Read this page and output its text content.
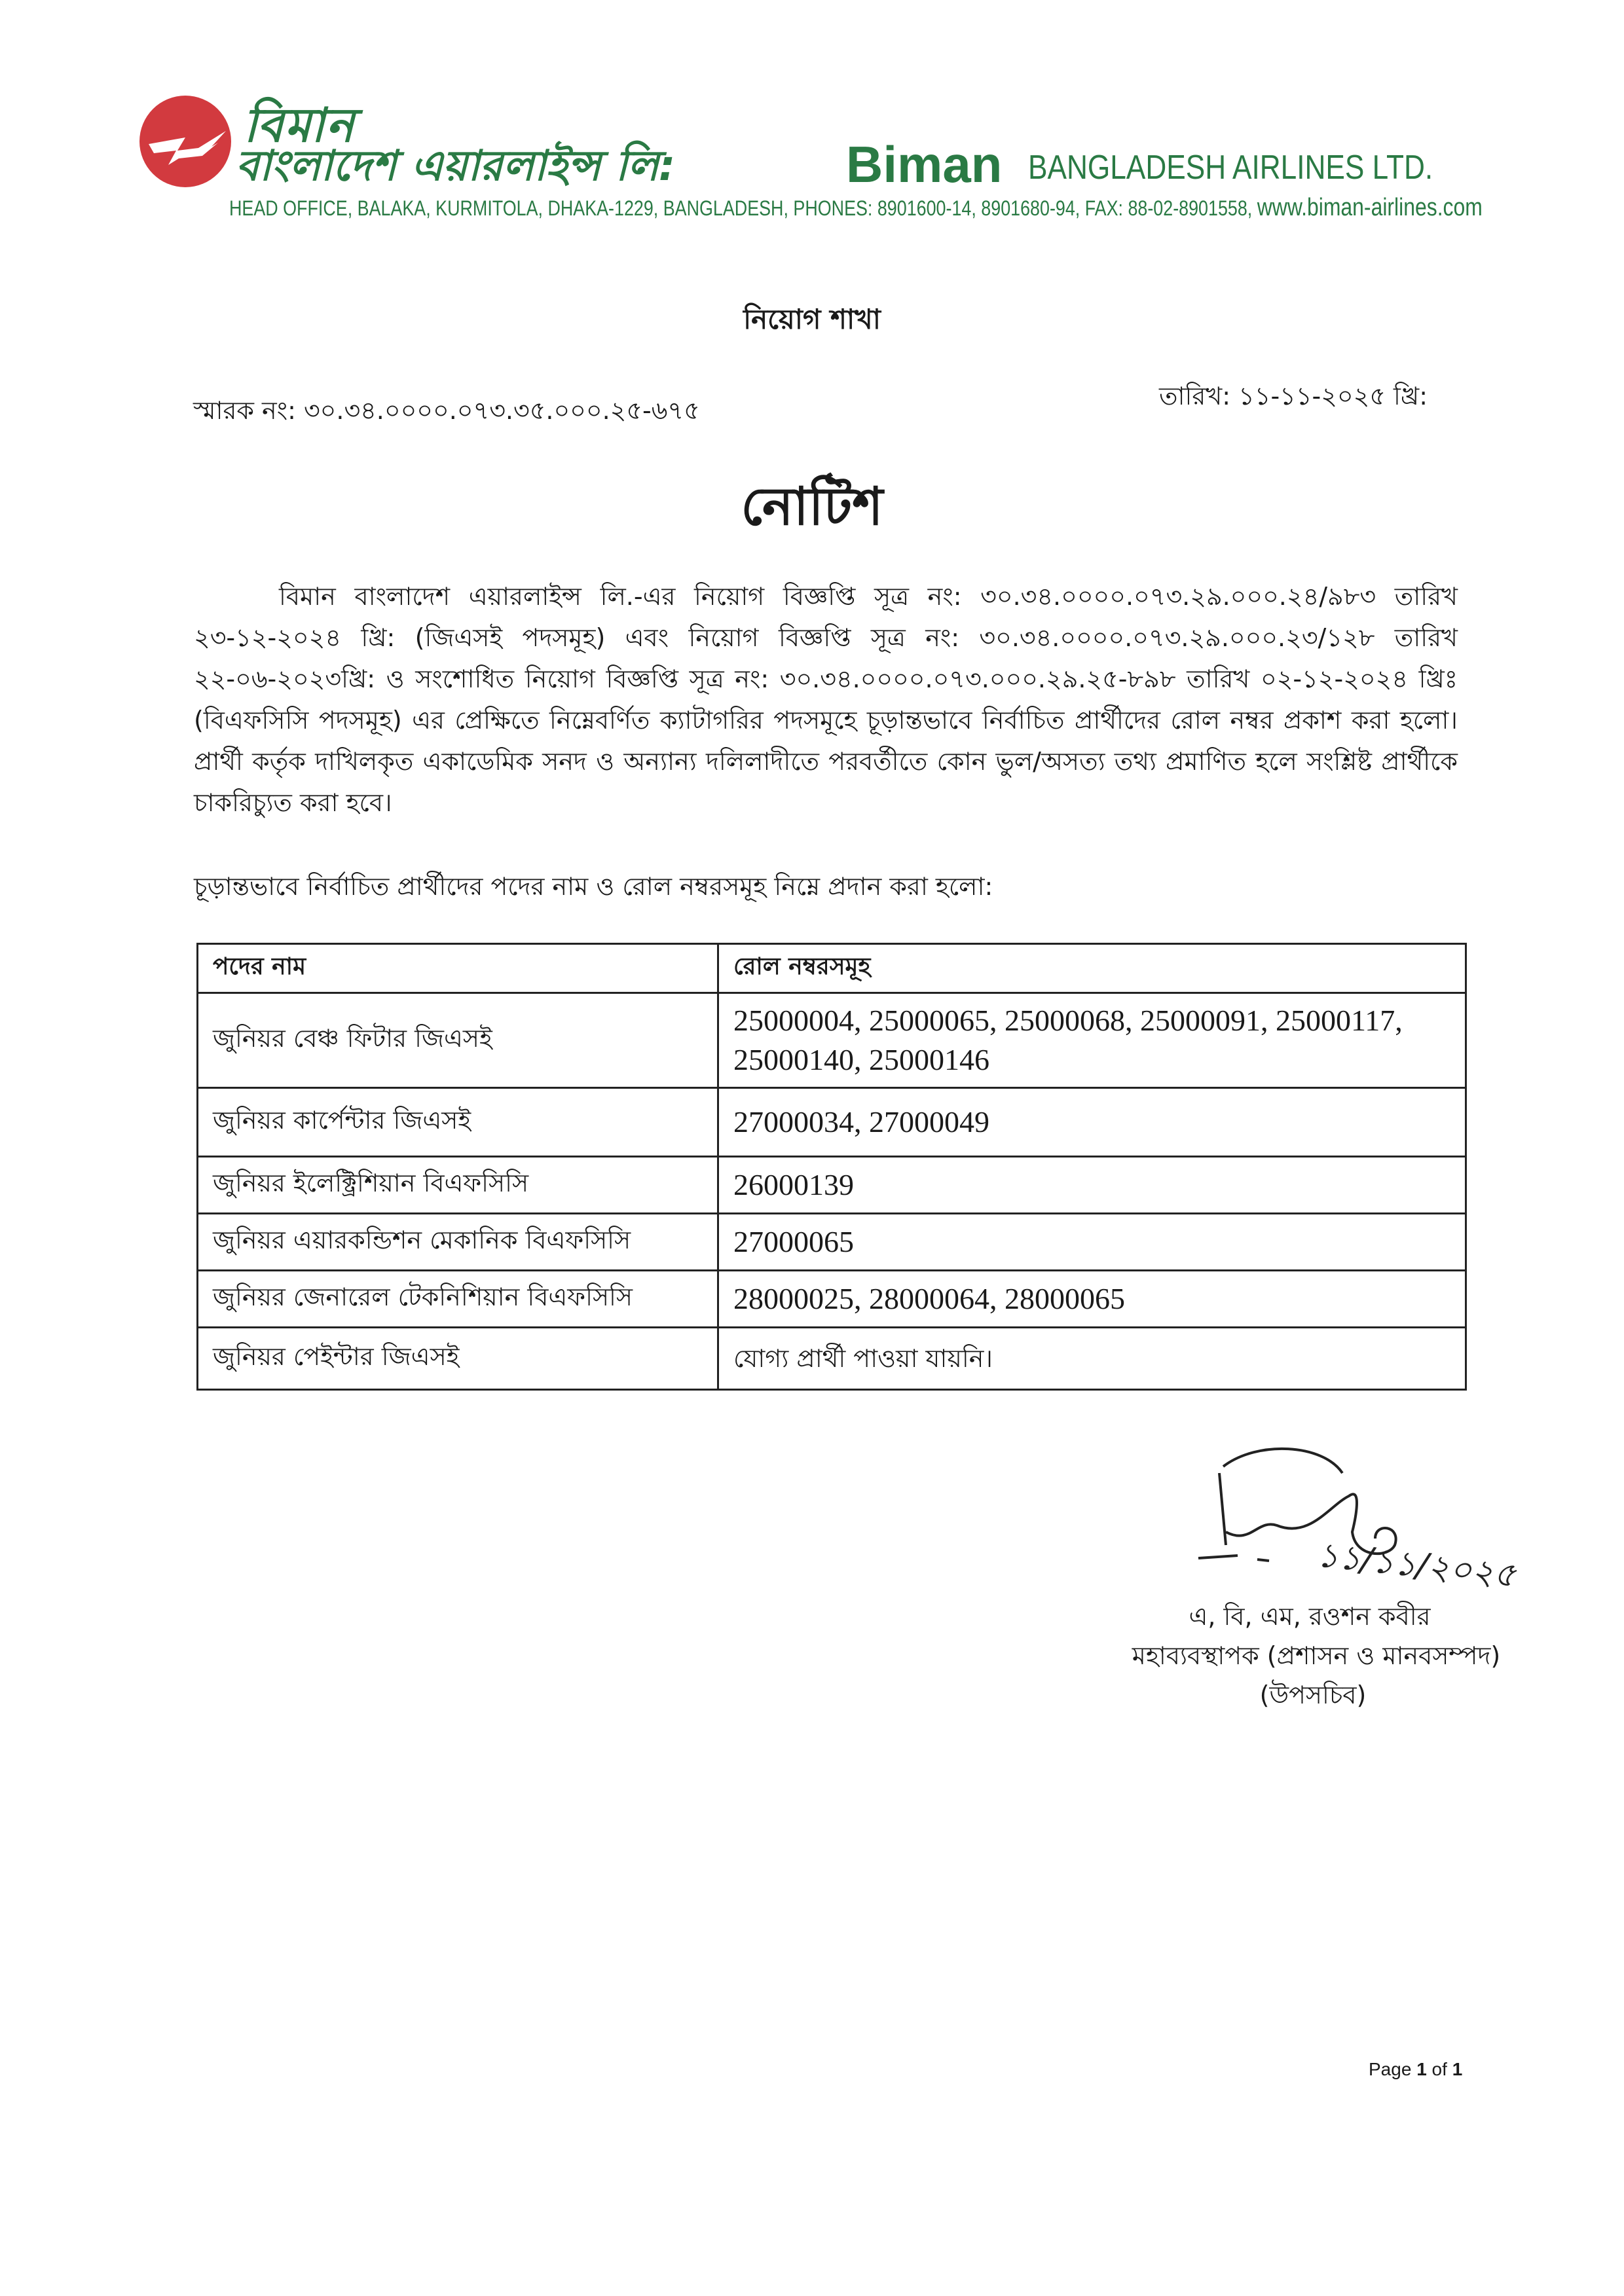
বিমান
বাংলাদেশ এয়ারলাইন্স লি:	Biman BANGLADESH AIRLINES LTD.
HEAD OFFICE, BALAKA, KURMITOLA, DHAKA-1229, BANGLADESH, PHONES: 8901600-14, 8901680-94, FAX: 88-02-8901558, www.biman-airlines.com
নিয়োগ শাখা
স্মারক নং: ৩০.৩৪.০০০০.০৭৩.৩৫.০০০.২৫-৬৭৫	তারিখ: ১১-১১-২০২৫ খ্রি:
নোটিশ
বিমান বাংলাদেশ এয়ারলাইন্স লি.-এর নিয়োগ বিজ্ঞপ্তি সূত্র নং: ৩০.৩৪.০০০০.০৭৩.২৯.০০০.২৪/৯৮৩ তারিখ ২৩-১২-২০২৪ খ্রি: (জিএসই পদসমূহ) এবং নিয়োগ বিজ্ঞপ্তি সূত্র নং: ৩০.৩৪.০০০০.০৭৩.২৯.০০০.২৩/১২৮ তারিখ ২২-০৬-২০২৩খ্রি: ও সংশোধিত নিয়োগ বিজ্ঞপ্তি সূত্র নং: ৩০.৩৪.০০০০.০৭৩.০০০.২৯.২৫-৮৯৮ তারিখ ০২-১২-২০২৪ খ্রিঃ (বিএফসিসি পদসমূহ) এর প্রেক্ষিতে নিম্নেবর্ণিত ক্যাটাগরির পদসমূহে চূড়ান্তভাবে নির্বাচিত প্রার্থীদের রোল নম্বর প্রকাশ করা হলো। প্রার্থী কর্তৃক দাখিলকৃত একাডেমিক সনদ ও অন্যান্য দলিলাদীতে পরবর্তীতে কোন ভুল/অসত্য তথ্য প্রমাণিত হলে সংশ্লিষ্ট প্রার্থীকে চাকরিচ্যুত করা হবে।
চূড়ান্তভাবে নির্বাচিত প্রার্থীদের পদের নাম ও রোল নম্বরসমূহ নিম্নে প্রদান করা হলো:
পদের নাম	রোল নম্বরসমূহ
জুনিয়র বেঞ্চ ফিটার জিএসই	25000004, 25000065, 25000068, 25000091, 25000117, 25000140, 25000146
জুনিয়র কার্পেন্টার জিএসই	27000034, 27000049
জুনিয়র ইলেক্ট্রিশিয়ান বিএফসিসি	26000139
জুনিয়র এয়ারকন্ডিশন মেকানিক বিএফসিসি	27000065
জুনিয়র জেনারেল টেকনিশিয়ান বিএফসিসি	28000025, 28000064, 28000065
জুনিয়র পেইন্টার জিএসই	যোগ্য প্রার্থী পাওয়া যায়নি।
১১/১১/২০২৫
এ, বি, এম, রওশন কবীর
মহাব্যবস্থাপক (প্রশাসন ও মানবসম্পদ)
(উপসচিব)
Page 1 of 1
